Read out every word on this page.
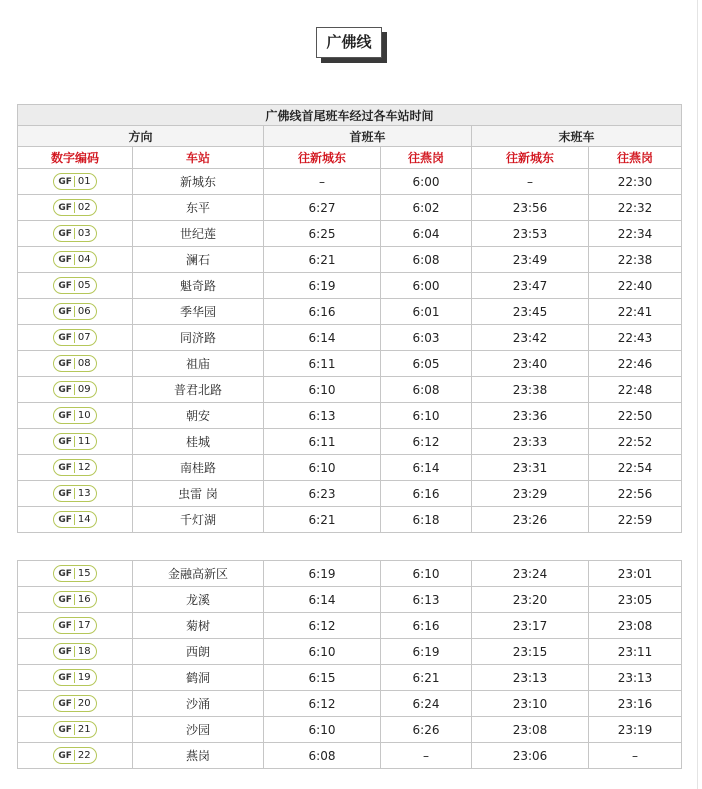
广佛线
广佛线首尾班车经过各车站时间					
方向		首班车		末班车	
数字编码	车站	往新城东	往燕岗	往新城东	往燕岗

GF 01	新城东	–	6:00	–	22:30

GF 02	东平	6:27	6:02	23:56	22:32

GF 03	世纪莲	6:25	6:04	23:53	22:34

GF 04	澜石	6:21	6:08	23:49	22:38

GF 05	魁奇路	6:19	6:00	23:47	22:40

GF 06	季华园	6:16	6:01	23:45	22:41

GF 07	同济路	6:14	6:03	23:42	22:43

GF 08	祖庙	6:11	6:05	23:40	22:46

GF 09	普君北路	6:10	6:08	23:38	22:48

GF 10	朝安	6:13	6:10	23:36	22:50

GF 11	桂城	6:11	6:12	23:33	22:52

GF 12	南桂路	6:10	6:14	23:31	22:54

GF 13	虫雷 岗	6:23	6:16	23:29	22:56

GF 14	千灯湖	6:21	6:18	23:26	22:59
GF 15	金融高新区	6:19	6:10	23:24	23:01

GF 16	龙溪	6:14	6:13	23:20	23:05

GF 17	菊树	6:12	6:16	23:17	23:08

GF 18	西朗	6:10	6:19	23:15	23:11

GF 19	鹤洞	6:15	6:21	23:13	23:13

GF 20	沙涌	6:12	6:24	23:10	23:16

GF 21	沙园	6:10	6:26	23:08	23:19

GF 22	燕岗	6:08	–	23:06	–
